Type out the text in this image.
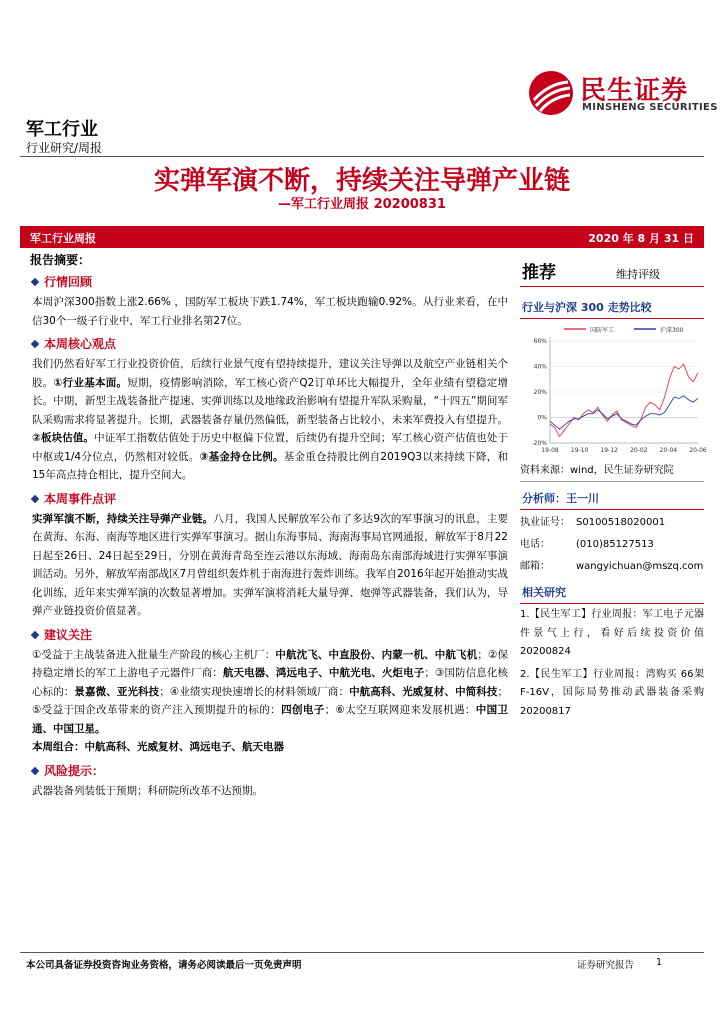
民生证券
MINSHENG SECURITIES
军工行业
行业研究/周报
实弹军演不断，持续关注导弹产业链
—军工行业周报 20200831
军工行业周报	2020 年 8 月 31 日
报告摘要：
行情回顾
本周沪深300指数上涨2.66% ，国防军工板块下跌1.74%，军工板块跑输0.92%。从行业来看，在中信30个一级子行业中，军工行业排名第27位。
本周核心观点
我们仍然看好军工行业投资价值，后续行业景气度有望持续提升，建议关注导弹以及航空产业链相关个股。①行业基本面。短期，疫情影响消除，军工核心资产Q2订单环比大幅提升，全年业绩有望稳定增长。中期，新型主战装备批产提速、实弹训练以及地缘政治影响有望提升军队采购量，“十四五”期间军队采购需求将显著提升。长期，武器装备存量仍然偏低，新型装备占比较小，未来军费投入有望提升。②板块估值。中证军工指数估值处于历史中枢偏下位置，后续仍有提升空间；军工核心资产估值也处于中枢或1/4分位点，仍然相对较低。③基金持仓比例。基金重仓持股比例自2019Q3以来持续下降，和15年高点持仓相比，提升空间大。
本周事件点评
实弹军演不断，持续关注导弹产业链。八月，我国人民解放军公布了多达9次的军事演习的讯息，主要在黄海、东海、南海等地区进行实弹军事演习。据山东海事局、海南海事局官网通报，解放军于8月22日起至26日、24日起至29日，分别在黄海青岛至连云港以东海域、海南岛东南部海域进行实弹军事演训活动。另外，解放军南部战区7月曾组织轰炸机于南海进行轰炸训练。我军自2016年起开始推动实战化训练，近年来实弹军演的次数显著增加。实弹军演将消耗大量导弹、炮弹等武器装备，我们认为，导弹产业链投资价值显著。
建议关注
①受益于主战装备进入批量生产阶段的核心主机厂：中航沈飞、中直股份、内蒙一机、中航飞机；②保持稳定增长的军工上游电子元器件厂商：航天电器、鸿远电子、中航光电、火炬电子；③国防信息化核心标的：景嘉微、亚光科技；④业绩实现快速增长的材料领域厂商：中航高科、光威复材、中简科技；⑤受益于国企改革带来的资产注入预期提升的标的：四创电子；⑥太空互联网迎来发展机遇：中国卫通、中国卫星。
本周组合：中航高科、光威复材、鸿远电子、航天电器
风险提示：
武器装备列装低于预期；科研院所改革不达预期。
推荐	维持评级
行业与沪深 300 走势比较
国防军工	沪深300
60%
40%
20%
0%
-20%
19-08 19-10 19-12 20-02 20-04 20-06
资料来源：wind，民生证券研究院
分析师：王一川
执业证号： S0100518020001
电话：	(010)85127513
邮箱：	wangyichuan@mszq.com
相关研究
1.【民生军工】行业周报：军工电子元器件景气上行，看好后续投资价值20200824
2.【民生军工】行业周报：湾购买 66架 F-16V，国际局势推动武器装备采购20200817
本公司具备证券投资咨询业务资格，请务必阅读最后一页免责声明	证券研究报告 1
